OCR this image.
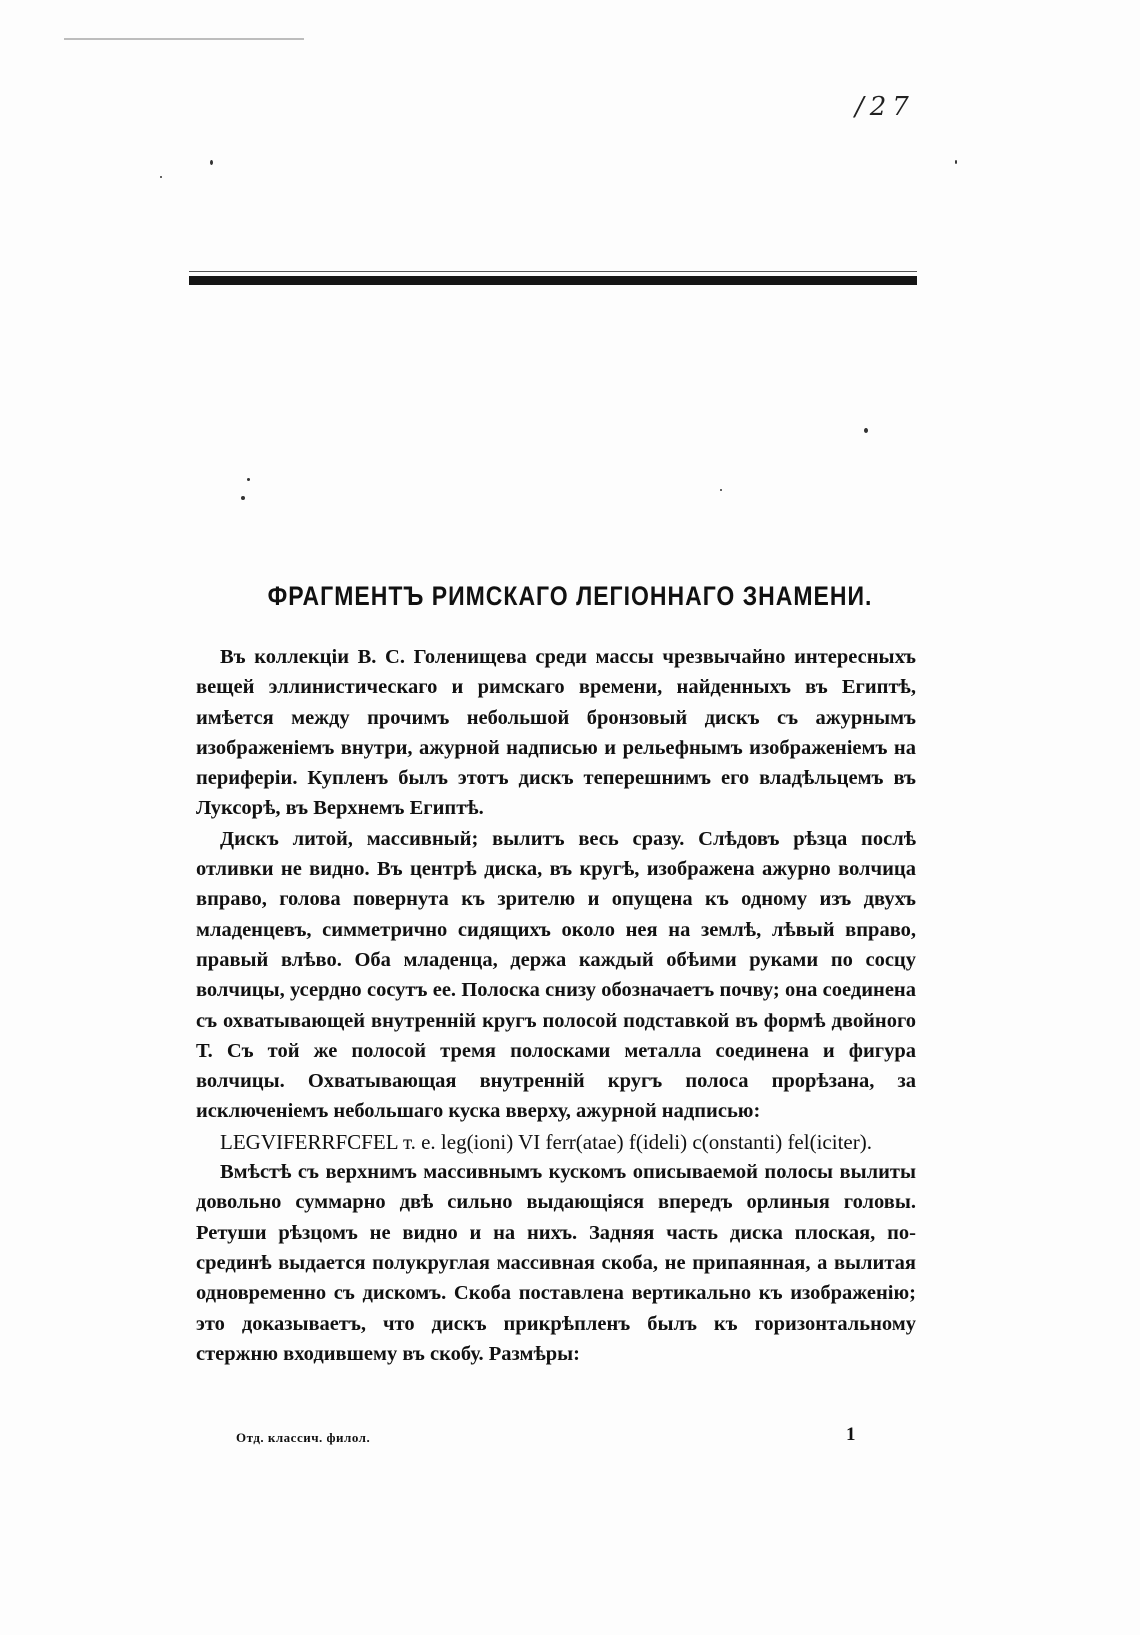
/27
ФРАГМЕНТЪ РИМСКАГО ЛЕГІОННАГО ЗНАМЕНИ.

Въ коллекціи В. С. Голенищева среди массы чрезвычайно интересныхъ вещей эллинистическаго и римскаго времени, найденныхъ въ Египтѣ, имѣется между прочимъ небольшой бронзовый дискъ съ ажурнымъ изображеніемъ внутри, ажурной надписью и рельефнымъ изображеніемъ на периферіи. Купленъ былъ этотъ дискъ теперешнимъ его владѣльцемъ въ Луксорѣ, въ Верхнемъ Египтѣ.

Дискъ литой, массивный; вылитъ весь сразу. Слѣдовъ рѣзца послѣ отливки не видно. Въ центрѣ диска, въ кругѣ, изображена ажурно волчица вправо, голова повернута къ зрителю и опущена къ одному изъ двухъ младенцевъ, симметрично сидящихъ около нея на землѣ, лѣвый вправо, правый влѣво. Оба младенца, держа каждый обѣими руками по сосцу волчицы, усердно сосутъ ее. Полоска снизу обозначаетъ почву; она соединена съ охватывающей внутренній кругъ полосой подставкой въ формѣ двойного Т. Съ той же полосой тремя полосками металла соединена и фигура волчицы. Охватывающая внутренній кругъ полоса прорѣзана, за исключеніемъ небольшаго куска вверху, ажурной надписью:

LEGVIFERRFCFEL т. е. leg(ioni) VI ferr(atae) f(ideli) c(onstanti) fel(iciter).

Вмѣстѣ съ верхнимъ массивнымъ кускомъ описываемой полосы вылиты довольно суммарно двѣ сильно выдающіяся впередъ орлиныя головы. Ретуши рѣзцомъ не видно и на нихъ. Задняя часть диска плоская, по-срединѣ выдается полукруглая массивная скоба, не припаянная, а вылитая одновременно съ дискомъ. Скоба поставлена вертикально къ изображенію; это доказываетъ, что дискъ прикрѣпленъ былъ къ горизонтальному стержню входившему въ скобу. Размѣры:

Отд. классич. филол.	1
